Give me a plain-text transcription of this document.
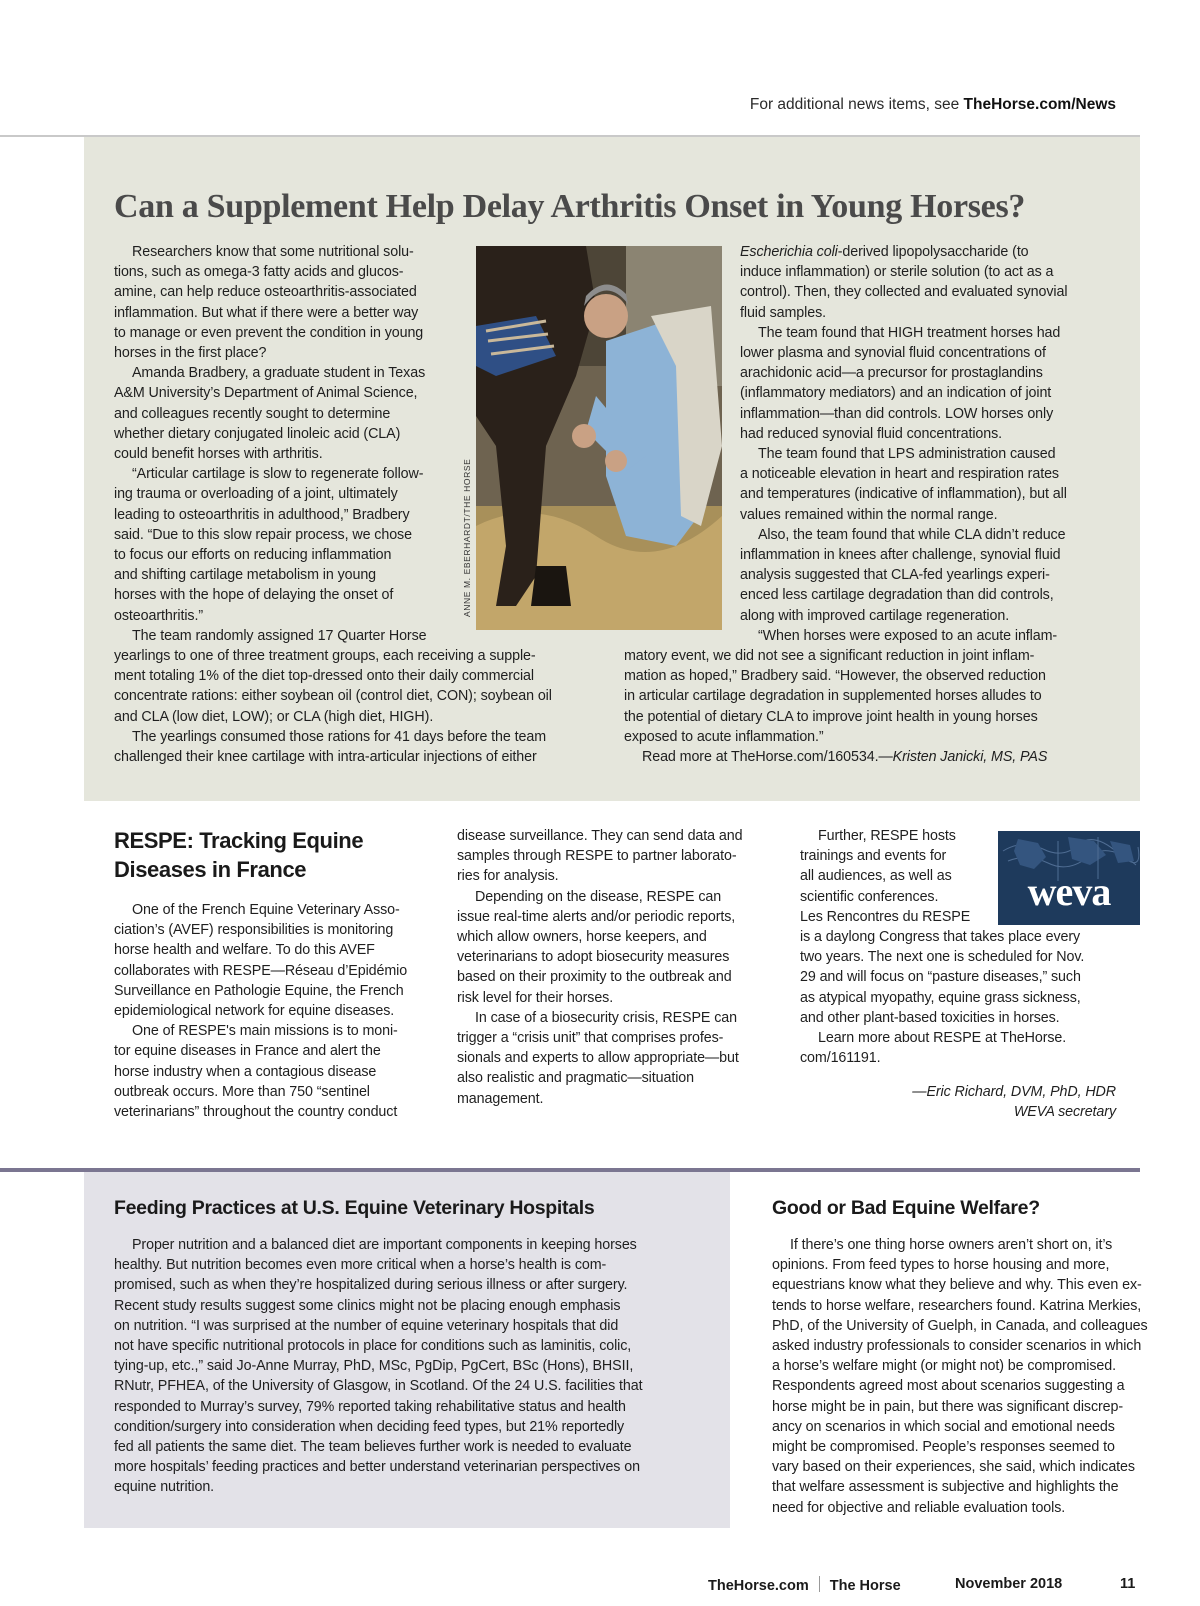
For additional news items, see TheHorse.com/News
Can a Supplement Help Delay Arthritis Onset in Young Horses?
Researchers know that some nutritional solu-
tions, such as omega-3 fatty acids and glucos-
amine, can help reduce osteoarthritis-associated
inflammation. But what if there were a better way
to manage or even prevent the condition in young
horses in the first place?
Amanda Bradbery, a graduate student in Texas
A&M University’s Department of Animal Science,
and colleagues recently sought to determine
whether dietary conjugated linoleic acid (CLA)
could benefit horses with arthritis.
“Articular cartilage is slow to regenerate follow-
ing trauma or overloading of a joint, ultimately
leading to osteoarthritis in adulthood,” Bradbery
said. “Due to this slow repair process, we chose
to focus our efforts on reducing inflammation
and shifting cartilage metabolism in young
horses with the hope of delaying the onset of
osteoarthritis.”
The team randomly assigned 17 Quarter Horse
ANNE M. EBERHARDT/THE HORSE
yearlings to one of three treatment groups, each receiving a supple-
ment totaling 1% of the diet top-dressed onto their daily commercial
concentrate rations: either soybean oil (control diet, CON); soybean oil
and CLA (low diet, LOW); or CLA (high diet, HIGH).
The yearlings consumed those rations for 41 days before the team
challenged their knee cartilage with intra-articular injections of either
Escherichia coli-derived lipopolysaccharide (to
induce inflammation) or sterile solution (to act as a
control). Then, they collected and evaluated synovial
fluid samples.
The team found that HIGH treatment horses had
lower plasma and synovial fluid concentrations of
arachidonic acid—a precursor for prostaglandins
(inflammatory mediators) and an indication of joint
inflammation—than did controls. LOW horses only
had reduced synovial fluid concentrations.
The team found that LPS administration caused
a noticeable elevation in heart and respiration rates
and temperatures (indicative of inflammation), but all
values remained within the normal range.
Also, the team found that while CLA didn’t reduce
inflammation in knees after challenge, synovial fluid
analysis suggested that CLA-fed yearlings experi-
enced less cartilage degradation than did controls,
along with improved cartilage regeneration.
“When horses were exposed to an acute inflam-
matory event, we did not see a significant reduction in joint inflam-
mation as hoped,” Bradbery said. “However, the observed reduction
in articular cartilage degradation in supplemented horses alludes to
the potential of dietary CLA to improve joint health in young horses
exposed to acute inflammation.”
Read more at TheHorse.com/160534.—Kristen Janicki, MS, PAS
RESPE: Tracking Equine
Diseases in France
One of the French Equine Veterinary Asso-
ciation’s (AVEF) responsibilities is monitoring
horse health and welfare. To do this AVEF
collaborates with RESPE—Réseau d’Epidémio
Surveillance en Pathologie Equine, the French
epidemiological network for equine diseases.
One of RESPE's main missions is to moni-
tor equine diseases in France and alert the
horse industry when a contagious disease
outbreak occurs. More than 750 “sentinel
veterinarians” throughout the country conduct
disease surveillance. They can send data and
samples through RESPE to partner laborato-
ries for analysis.
Depending on the disease, RESPE can
issue real-time alerts and/or periodic reports,
which allow owners, horse keepers, and
veterinarians to adopt biosecurity measures
based on their proximity to the outbreak and
risk level for their horses.
In case of a biosecurity crisis, RESPE can
trigger a “crisis unit” that comprises profes-
sionals and experts to allow appropriate—but
also realistic and pragmatic—situation
management.
Further, RESPE hosts
trainings and events for
all audiences, as well as
scientific conferences.
Les Rencontres du RESPE
weva
is a daylong Congress that takes place every
two years. The next one is scheduled for Nov.
29 and will focus on “pasture diseases,” such
as atypical myopathy, equine grass sickness,
and other plant-based toxicities in horses.
Learn more about RESPE at TheHorse.
com/161191.
—Eric Richard, DVM, PhD, HDR
WEVA secretary
Feeding Practices at U.S. Equine Veterinary Hospitals
Proper nutrition and a balanced diet are important components in keeping horses
healthy. But nutrition becomes even more critical when a horse’s health is com-
promised, such as when they’re hospitalized during serious illness or after surgery.
Recent study results suggest some clinics might not be placing enough emphasis
on nutrition. “I was surprised at the number of equine veterinary hospitals that did
not have specific nutritional protocols in place for conditions such as laminitis, colic,
tying-up, etc.,” said Jo-Anne Murray, PhD, MSc, PgDip, PgCert, BSc (Hons), BHSII,
RNutr, PFHEA, of the University of Glasgow, in Scotland. Of the 24 U.S. facilities that
responded to Murray’s survey, 79% reported taking rehabilitative status and health
condition/surgery into consideration when deciding feed types, but 21% reportedly
fed all patients the same diet. The team believes further work is needed to evaluate
more hospitals’ feeding practices and better understand veterinarian perspectives on
equine nutrition.
Good or Bad Equine Welfare?
If there’s one thing horse owners aren’t short on, it’s
opinions. From feed types to horse housing and more,
equestrians know what they believe and why. This even ex-
tends to horse welfare, researchers found. Katrina Merkies,
PhD, of the University of Guelph, in Canada, and colleagues
asked industry professionals to consider scenarios in which
a horse’s welfare might (or might not) be compromised.
Respondents agreed most about scenarios suggesting a
horse might be in pain, but there was significant discrep-
ancy on scenarios in which social and emotional needs
might be compromised. People’s responses seemed to
vary based on their experiences, she said, which indicates
that welfare assessment is subjective and highlights the
need for objective and reliable evaluation tools.
TheHorse.com The Horse	November 2018	11
